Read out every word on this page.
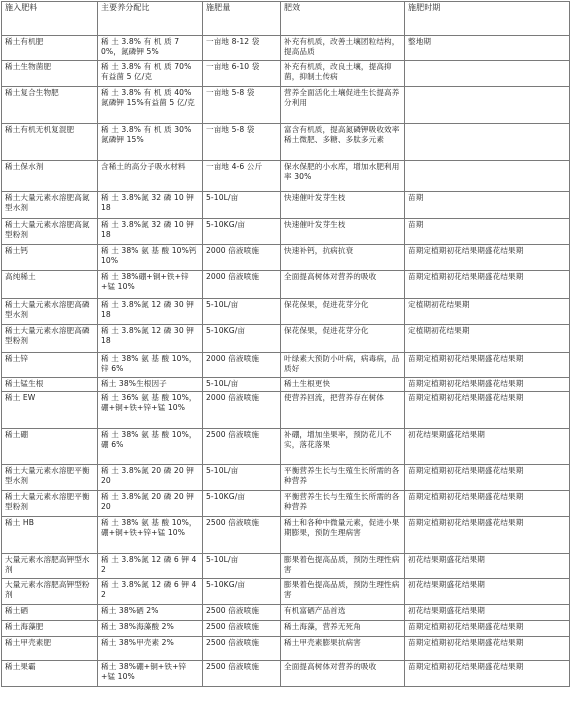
施入肥料	主要养分配比	施肥量	肥效	施肥时期
稀土有机肥	稀 土 3.8% 有 机 质 70%，氮磷钾 5%	一亩地 8-12 袋	补充有机质，改善土壤团粒结构，提高品质	整地期
稀土生物菌肥	稀 土 3.8% 有 机 质 70%有益菌 5 亿/克	一亩地 6-10 袋	补充有机质，改良土壤，提高抑菌，抑制土传病	
稀土复合生物肥	稀 土 3.8% 有 机 质 40%氮磷钾 15%有益菌 5 亿/克	一亩地 5-8 袋	营养全面活化土壤促进生长提高养分利用	
稀土有机无机复混肥	稀 土 3.8% 有 机 质 30%氮磷钾 15%	一亩地 5-8 袋	富含有机质，提高氮磷钾吸收效率 稀土微肥、多糖、多肽多元素	
稀土保水剂	含稀土的高分子吸水材料	一亩地 4-6 公斤	保水保肥的小水库，增加水肥利用率 30%	
稀土大量元素水溶肥高氮型水剂	稀 土 3.8%氮 32 磷 10 钾 18	5-10L/亩	快速催叶发芽生枝	苗期
稀土大量元素水溶肥高氮型粉剂	稀 土 3.8%氮 32 磷 10 钾 18	5-10KG/亩	快速催叶发芽生枝	苗期
稀土钙	稀 土 38% 氨 基 酸 10%钙 10%	2000 倍液喷施	快速补钙，抗病抗衰	苗期定植期初花结果期盛花结果期
高纯稀土	稀 土 38%硼+铜+铁+锌+锰 10%	2000 倍液喷施	全面提高树体对营养的吸收	苗期定植期初花结果期盛花结果期
稀土大量元素水溶肥高磷型水剂	稀 土 3.8%氮 12 磷 30 钾 18	5-10L/亩	保花保果，促进花芽分化	定植期初花结果期
稀土大量元素水溶肥高磷型粉剂	稀 土 3.8%氮 12 磷 30 钾 18	5-10KG/亩	保花保果，促进花芽分化	定植期初花结果期
稀土锌	稀 土 38% 氨 基 酸 10%，锌 6%	2000 倍液喷施	叶绿素大预防小叶病，病毒病，品质好	苗期定植期初花结果期盛花结果期
稀土锰生根	稀土 38%生根因子	5-10L/亩	稀土生根更快	苗期定植期初花结果期盛花结果期
稀土 EW	稀 土 36% 氨 基 酸 10%，硼+铜+铁+锌+锰 10%	2000 倍液喷施	使营养回流，把营养存在树体	苗期定植期初花结果期盛花结果期
稀土硼	稀 土 38% 氨 基 酸 10%，硼 6%	2500 倍液喷施	补硼，增加坐果率，预防花儿不实，落花落果	初花结果期盛花结果期
稀土大量元素水溶肥平衡型水剂	稀 土 3.8%氮 20 磷 20 钾 20	5-10L/亩	平衡营养生长与生殖生长所需的各种营养	苗期定植期初花结果期盛花结果期
稀土大量元素水溶肥平衡型粉剂	稀 土 3.8%氮 20 磷 20 钾 20	5-10KG/亩	平衡营养生长与生殖生长所需的各种营养	苗期定植期初花结果期盛花结果期
稀土 HB	稀 土 38% 氨 基 酸 10%，硼+铜+铁+锌+锰 10%	2500 倍液喷施	稀土和各种中微量元素，促进小果期膨果，预防生理病害	苗期定植期初花结果期盛花结果期
大量元素水溶肥高钾型水剂	稀 土 3.8%氮 12 磷 6 钾 42	5-10L/亩	膨果着色提高品质，预防生理性病害	初花结果期盛花结果期
大量元素水溶肥高钾型粉剂	稀 土 3.8%氮 12 磷 6 钾 42	5-10KG/亩	膨果着色提高品质，预防生理性病害	初花结果期盛花结果期
稀土硒	稀土 38%硒 2%	2500 倍液喷施	有机富硒产品首选	初花结果期盛花结果期
稀土海藻肥	稀土 38%海藻酸 2%	2500 倍液喷施	稀土海藻，营养无死角	苗期定植期初花结果期盛花结果期
稀土甲壳素肥	稀土 38%甲壳素 2%	2500 倍液喷施	稀土甲壳素膨果抗病害	苗期定植期初花结果期盛花结果期
稀土果霸	稀土 38%硼+铜+铁+锌+锰 10%	2500 倍液喷施	全面提高树体对营养的吸收	苗期定植期初花结果期盛花结果期
